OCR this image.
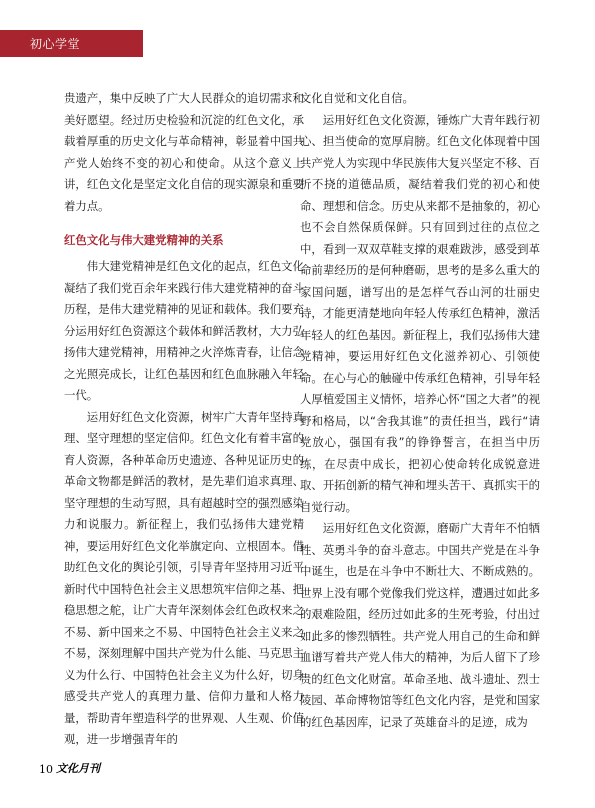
初心学堂

贵遗产，集中反映了广大人民群众的追切需求和美好愿望。经过历史检验和沉淀的红色文化，承载着厚重的历史文化与革命精神，彰显着中国共产党人始终不变的初心和使命。从这个意义上讲，红色文化是坚定文化自信的现实源泉和重要着力点。

红色文化与伟大建党精神的关系

伟大建党精神是红色文化的起点，红色文化凝结了我们党百余年来践行伟大建党精神的奋斗历程，是伟大建党精神的见证和载体。我们要充分运用好红色资源这个载体和鲜活教材，大力弘扬伟大建党精神，用精神之火淬炼青春，让信念之光照亮成长，让红色基因和红色血脉融入年轻一代。

运用好红色文化资源，树牢广大青年坚持真理、坚守理想的坚定信仰。红色文化有着丰富的育人资源，各种革命历史遗迹、各种见证历史的革命文物都是鲜活的教材，是先辈们追求真理、坚守理想的生动写照，具有超越时空的强烈感染力和说服力。新征程上，我们弘扬伟大建党精神，要运用好红色文化举旗定向、立根固本。借助红色文化的舆论引领，引导青年坚持用习近平新时代中国特色社会主义思想筑牢信仰之基、把稳思想之舵，让广大青年深刻体会红色政权来之不易、新中国来之不易、中国特色社会主义来之不易，深刻理解中国共产党为什么能、马克思主义为什么行、中国特色社会主义为什么好，切身感受共产党人的真理力量、信仰力量和人格力量，帮助青年塑造科学的世界观、人生观、价值观，进一步增强青年的

文化自觉和文化自信。

运用好红色文化资源，锤炼广大青年践行初心、担当使命的宽厚肩膀。红色文化体现着中国共产党人为实现中华民族伟大复兴坚定不移、百折不挠的道德品质，凝结着我们党的初心和使命、理想和信念。历史从来都不是抽象的，初心也不会自然保质保鲜。只有回到过往的点位之中，看到一双双草鞋支撑的艰难跋涉，感受到革命前辈经历的是何种磨砺，思考的是多么重大的家国问题，谱写出的是怎样气吞山河的壮丽史诗，才能更清楚地向年轻人传承红色精神，激活年轻人的红色基因。新征程上，我们弘扬伟大建党精神，要运用好红色文化滋养初心、引领使命。在心与心的触碰中传承红色精神，引导年轻人厚植爱国主义情怀，培养心怀“国之大者”的视野和格局，以“舍我其谁”的责任担当，践行“请党放心，强国有我”的铮铮誓言，在担当中历练，在尽责中成长，把初心使命转化成锐意进取、开拓创新的精气神和埋头苦干、真抓实干的自觉行动。

运用好红色文化资源，磨砺广大青年不怕牺牲、英勇斗争的奋斗意志。中国共产党是在斗争中诞生，也是在斗争中不断壮大、不断成熟的。世界上没有哪个党像我们党这样，遭遇过如此多的艰难险阻，经历过如此多的生死考验，付出过如此多的惨烈牺牲。共产党人用自己的生命和鲜血谱写着共产党人伟大的精神，为后人留下了珍贵的红色文化财富。革命圣地、战斗遗址、烈士陵园、革命博物馆等红色文化内容，是党和国家的红色基因库，记录了英雄奋斗的足迹，成为

10 文化月刊
